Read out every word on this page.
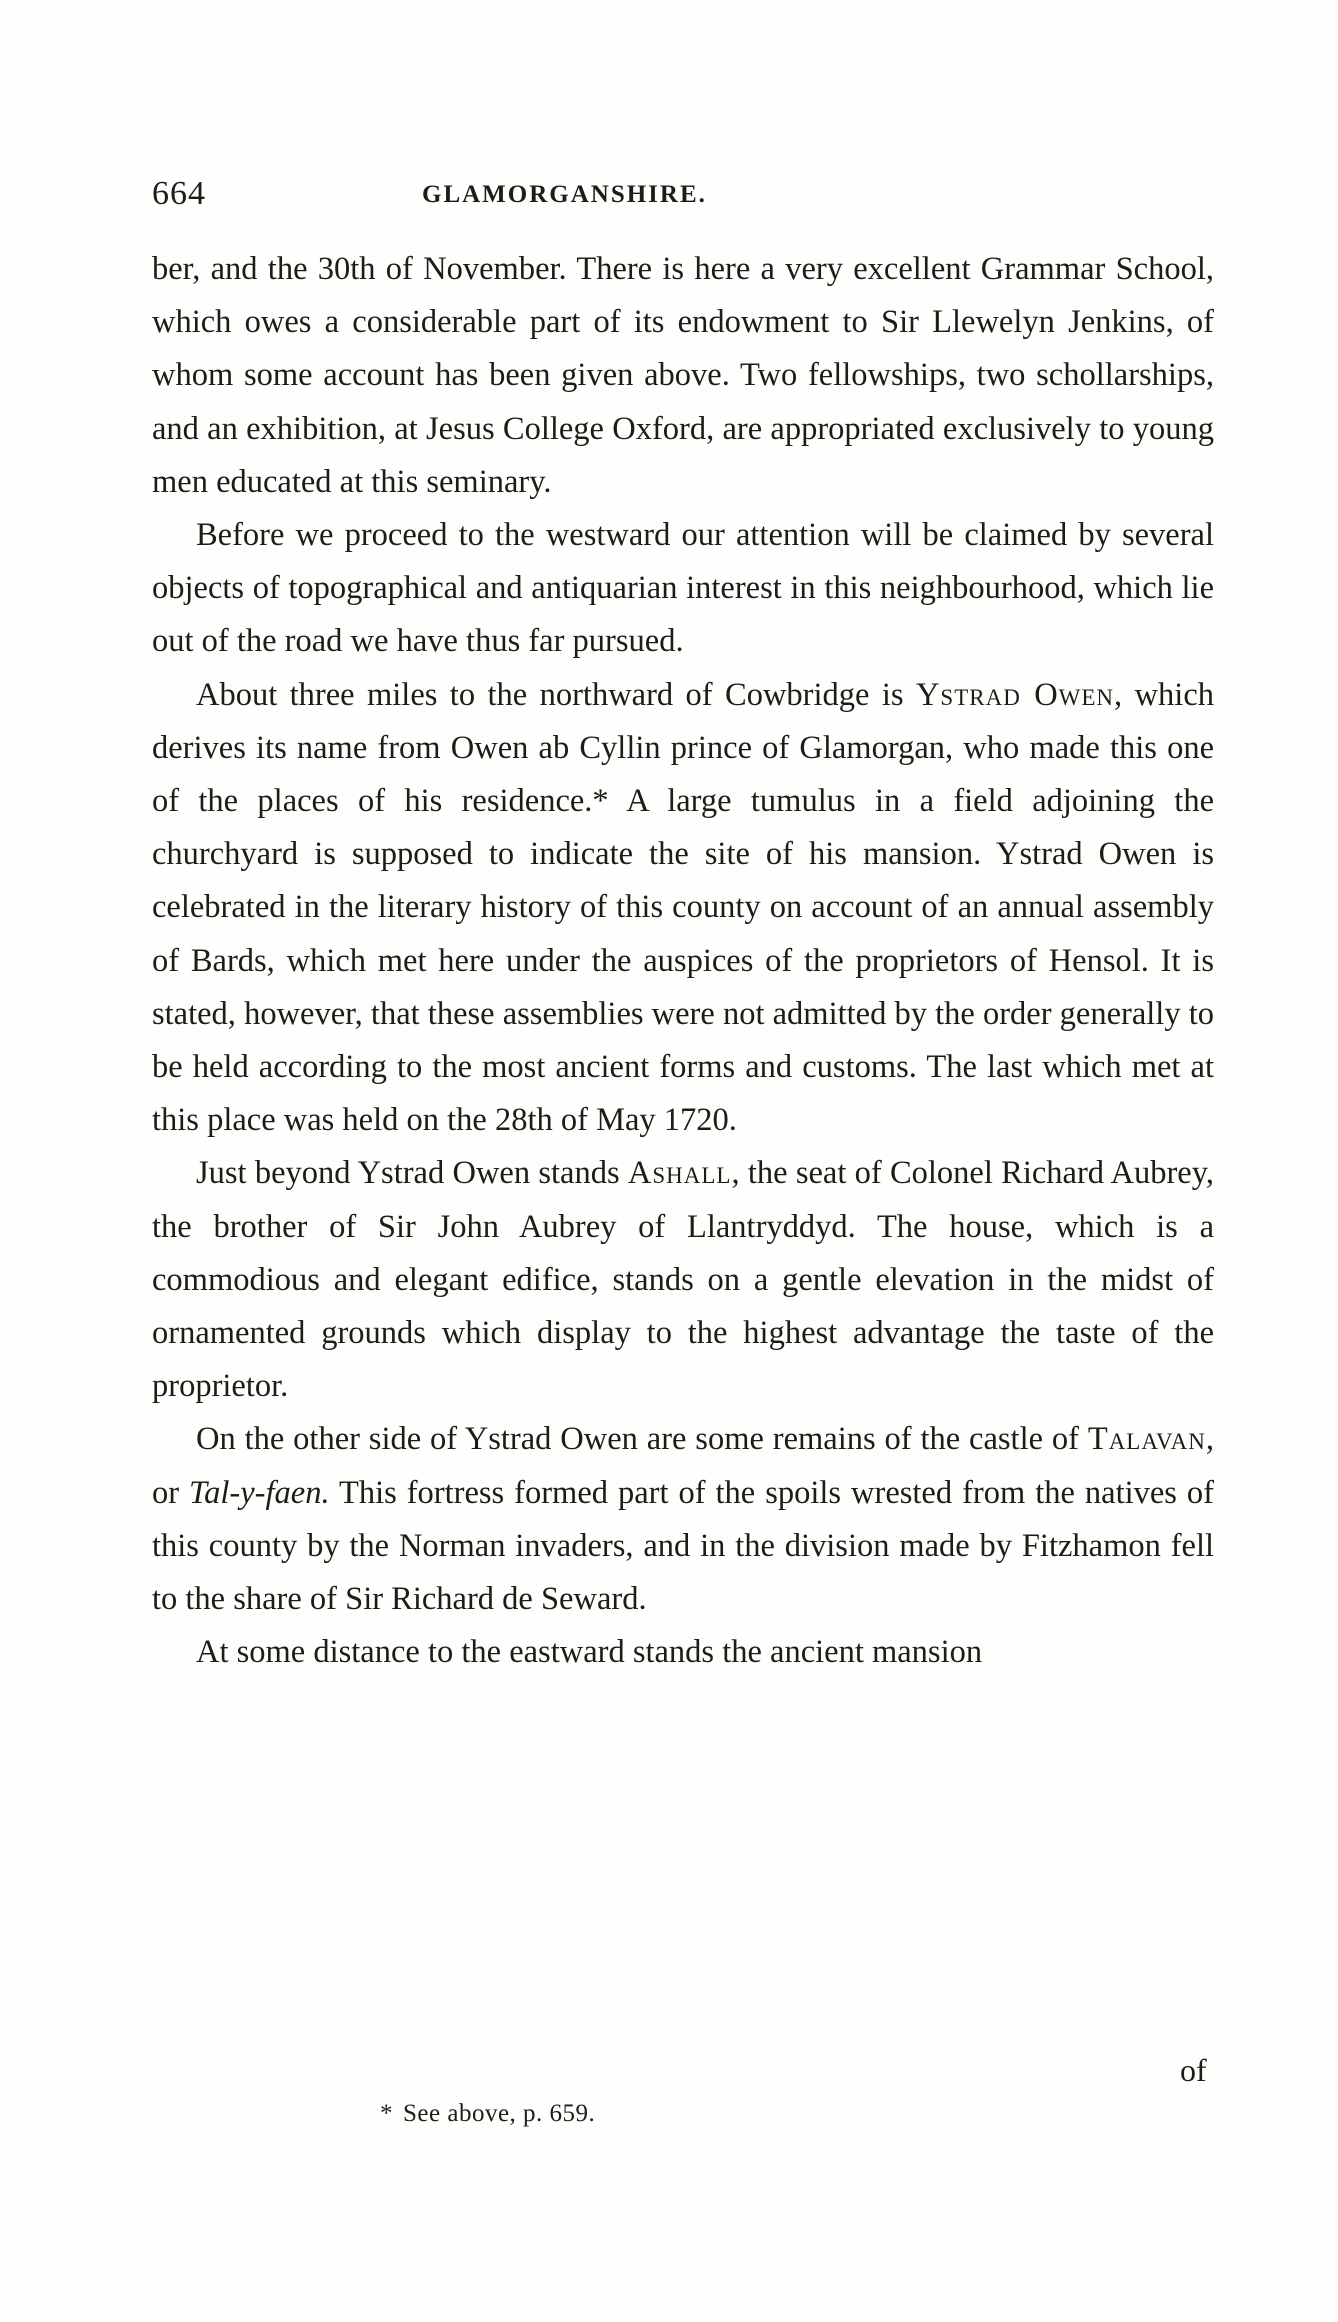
664	GLAMORGANSHIRE.

ber, and the 30th of November. There is here a very excellent Grammar School, which owes a considerable part of its endowment to Sir Llewelyn Jenkins, of whom some account has been given above. Two fellowships, two schollarships, and an exhibition, at Jesus College Oxford, are appropriated exclusively to young men educated at this seminary.

Before we proceed to the westward our attention will be claimed by several objects of topographical and antiquarian interest in this neighbourhood, which lie out of the road we have thus far pursued.

About three miles to the northward of Cowbridge is Ystrad Owen, which derives its name from Owen ab Cyllin prince of Glamorgan, who made this one of the places of his residence.* A large tumulus in a field adjoining the churchyard is supposed to indicate the site of his mansion. Ystrad Owen is celebrated in the literary history of this county on account of an annual assembly of Bards, which met here under the auspices of the proprietors of Hensol. It is stated, however, that these assemblies were not admitted by the order generally to be held according to the most ancient forms and customs. The last which met at this place was held on the 28th of May 1720.

Just beyond Ystrad Owen stands Ashall, the seat of Colonel Richard Aubrey, the brother of Sir John Aubrey of Llantryddyd. The house, which is a commodious and elegant edifice, stands on a gentle elevation in the midst of ornamented grounds which display to the highest advantage the taste of the proprietor.

On the other side of Ystrad Owen are some remains of the castle of Talavan, or Tal-y-faen. This fortress formed part of the spoils wrested from the natives of this county by the Norman invaders, and in the division made by Fitzhamon fell to the share of Sir Richard de Seward.

At some distance to the eastward stands the ancient mansion

of
* See above, p. 659.
